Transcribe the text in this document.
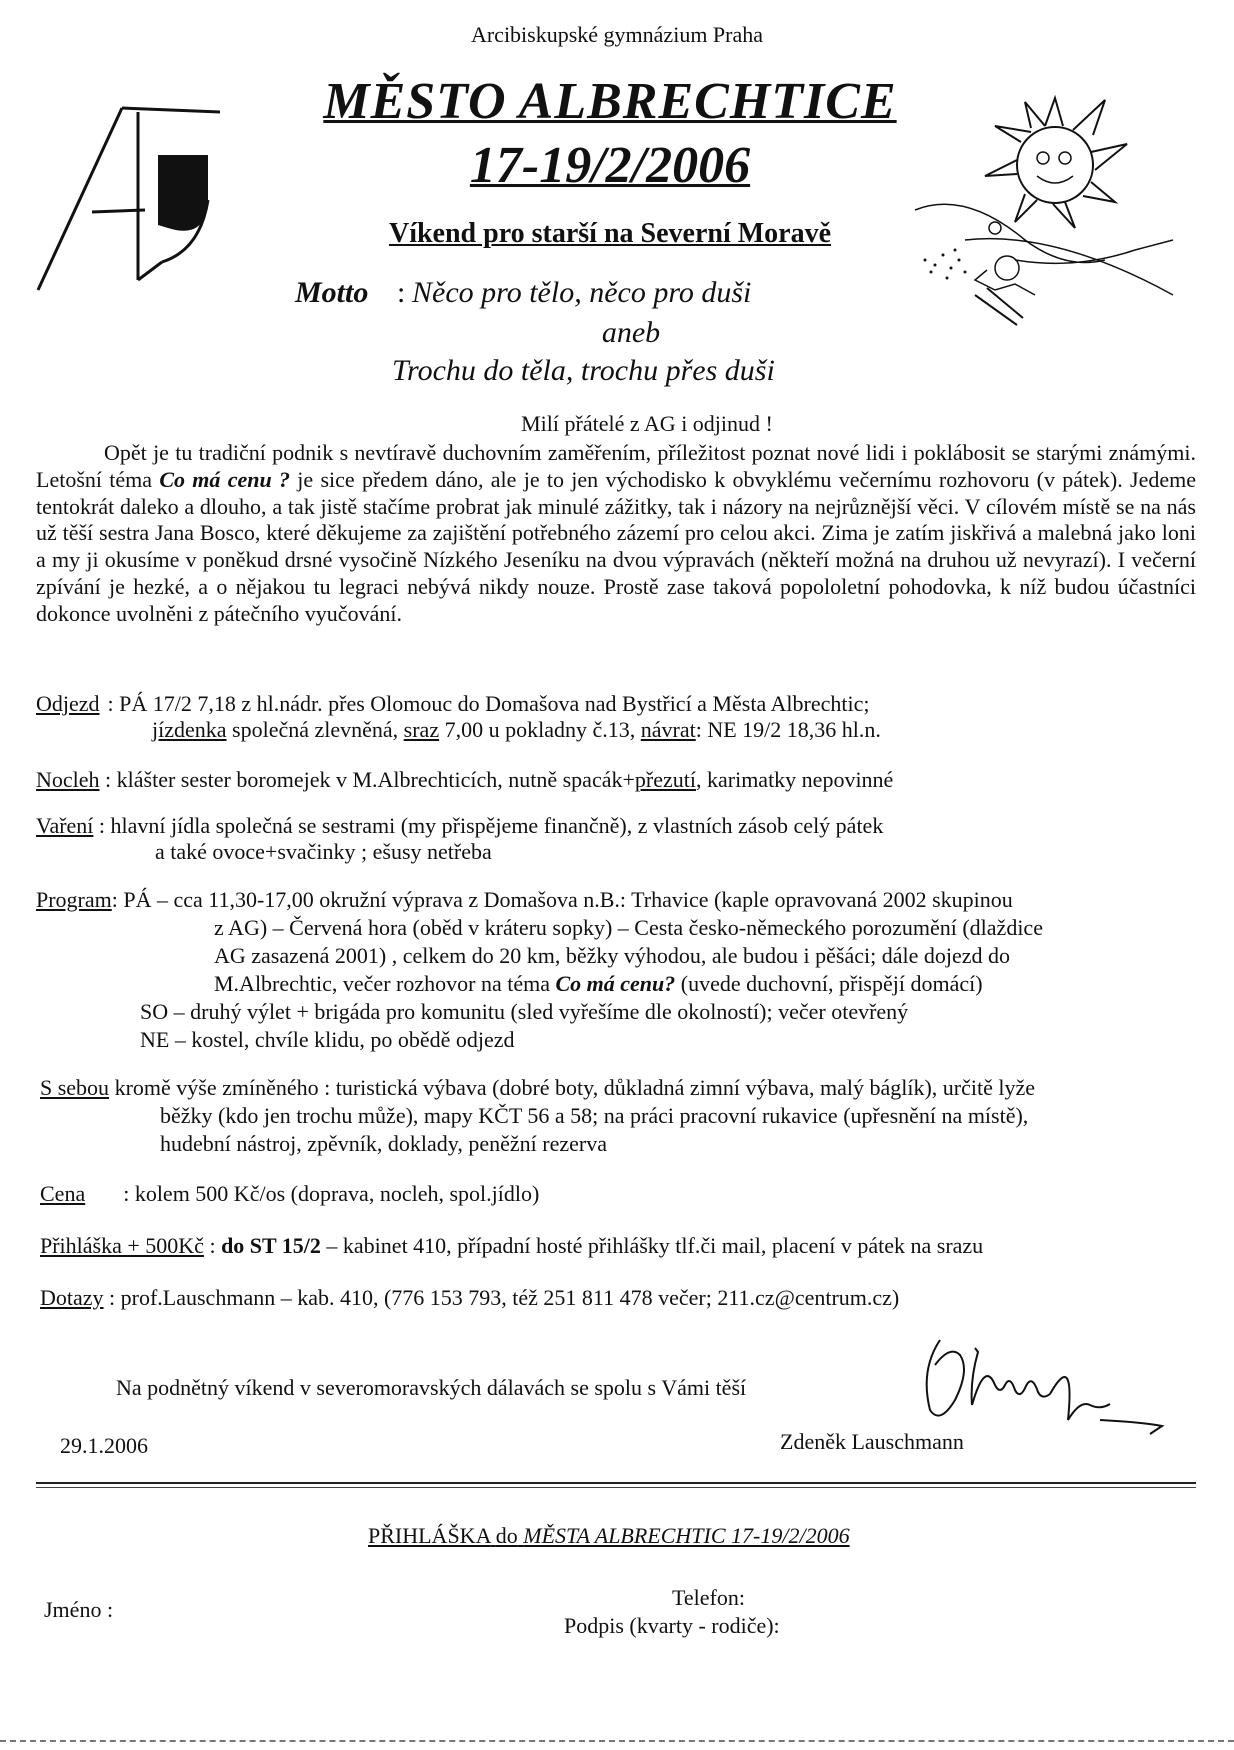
Arcibiskupské gymnázium Praha
MĚSTO ALBRECHTICE
17-19/2/2006
Víkend pro starší na Severní Moravě
Motto : Něco pro tělo, něco pro duši
aneb
Trochu do těla, trochu přes duši
Milí přátelé z AG i odjinud !
Opět je tu tradiční podnik s nevtíravě duchovním zaměřením, příležitost poznat nové lidi i poklábosit se starými známými. Letošní téma Co má cenu ? je sice předem dáno, ale je to jen východisko k obvyklému večernímu rozhovoru (v pátek). Jedeme tentokrát daleko a dlouho, a tak jistě stačíme probrat jak minulé zážitky, tak i názory na nejrůznější věci. V cílovém místě se na nás už těší sestra Jana Bosco, které děkujeme za zajištění potřebného zázemí pro celou akci. Zima je zatím jiskřivá a malebná jako loni a my ji okusíme v poněkud drsné vysočině Nízkého Jeseníku na dvou výpravách (někteří možná na druhou už nevyrazí). I večerní zpívání je hezké, a o nějakou tu legraci nebývá nikdy nouze. Prostě zase taková popololetní pohodovka, k níž budou účastníci dokonce uvolněni z pátečního vyučování.
Odjezd : PÁ 17/2 7,18 z hl.nádr. přes Olomouc do Domašova nad Bystřicí a Města Albrechtic;
jízdenka společná zlevněná, sraz 7,00 u pokladny č.13, návrat: NE 19/2 18,36 hl.n.
Nocleh : klášter sester boromejek v M.Albrechticích, nutně spacák+přezutí, karimatky nepovinné
Vaření : hlavní jídla společná se sestrami (my přispějeme finančně), z vlastních zásob celý pátek
a také ovoce+svačinky ; ešusy netřeba
Program: PÁ – cca 11,30-17,00 okružní výprava z Domašova n.B.: Trhavice (kaple opravovaná 2002 skupinou
z AG) – Červená hora (oběd v kráteru sopky) – Cesta česko-německého porozumění (dlaždice
AG zasazená 2001) , celkem do 20 km, běžky výhodou, ale budou i pěšáci; dále dojezd do
M.Albrechtic, večer rozhovor na téma Co má cenu? (uvede duchovní, přispějí domácí)
SO – druhý výlet + brigáda pro komunitu (sled vyřešíme dle okolností); večer otevřený
NE – kostel, chvíle klidu, po obědě odjezd
S sebou kromě výše zmíněného : turistická výbava (dobré boty, důkladná zimní výbava, malý báglík), určitě lyže
běžky (kdo jen trochu může), mapy KČT 56 a 58; na práci pracovní rukavice (upřesnění na místě),
hudební nástroj, zpěvník, doklady, peněžní rezerva
Cena : kolem 500 Kč/os (doprava, nocleh, spol.jídlo)
Přihláška + 500Kč : do ST 15/2 – kabinet 410, případní hosté přihlášky tlf.či mail, placení v pátek na srazu
Dotazy : prof.Lauschmann – kab. 410, (776 153 793, též 251 811 478 večer; 211.cz@centrum.cz)
Na podnětný víkend v severomoravských dálavách se spolu s Vámi těší
29.1.2006	Zdeněk Lauschmann
PŘIHLÁŠKA do MĚSTA ALBRECHTIC 17-19/2/2006
Jméno :	Telefon:
Podpis (kvarty - rodiče):
